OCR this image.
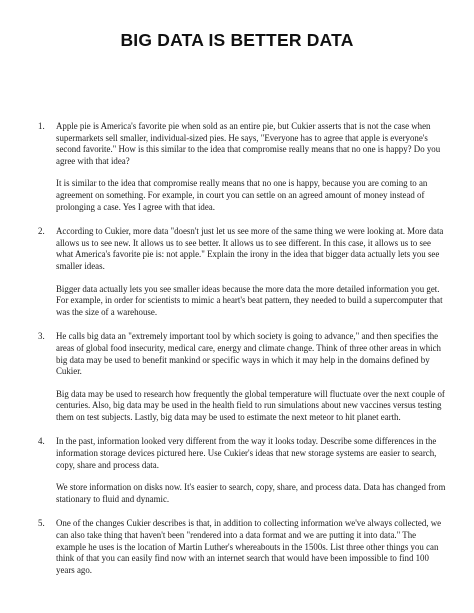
BIG DATA IS BETTER DATA
1. Apple pie is America's favorite pie when sold as an entire pie, but Cukier asserts that is not the case when supermarkets sell smaller, individual-sized pies. He says, "Everyone has to agree that apple is everyone's second favorite." How is this similar to the idea that compromise really means that no one is happy? Do you agree with that idea?

It is similar to the idea that compromise really means that no one is happy, because you are coming to an agreement on something. For example, in court you can settle on an agreed amount of money instead of prolonging a case. Yes I agree with that idea.

2. According to Cukier, more data "doesn't just let us see more of the same thing we were looking at. More data allows us to see new. It allows us to see better. It allows us to see different. In this case, it allows us to see what America's favorite pie is: not apple." Explain the irony in the idea that bigger data actually lets you see smaller ideas.

Bigger data actually lets you see smaller ideas because the more data the more detailed information you get. For example, in order for scientists to mimic a heart's beat pattern, they needed to build a supercomputer that was the size of a warehouse.

3. He calls big data an "extremely important tool by which society is going to advance," and then specifies the areas of global food insecurity, medical care, energy and climate change. Think of three other areas in which big data may be used to benefit mankind or specific ways in which it may help in the domains defined by Cukier.

Big data may be used to research how frequently the global temperature will fluctuate over the next couple of centuries. Also, big data may be used in the health field to run simulations about new vaccines versus testing them on test subjects. Lastly, big data may be used to estimate the next meteor to hit planet earth.

4. In the past, information looked very different from the way it looks today. Describe some differences in the information storage devices pictured here. Use Cukier's ideas that new storage systems are easier to search, copy, share and process data.

We store information on disks now. It's easier to search, copy, share, and process data. Data has changed from stationary to fluid and dynamic.

5. One of the changes Cukier describes is that, in addition to collecting information we've always collected, we can also take thing that haven't been "rendered into a data format and we are putting it into data." The example he uses is the location of Martin Luther's whereabouts in the 1500s. List three other things you can think of that you can easily find now with an internet search that would have been impossible to find 100 years ago.
